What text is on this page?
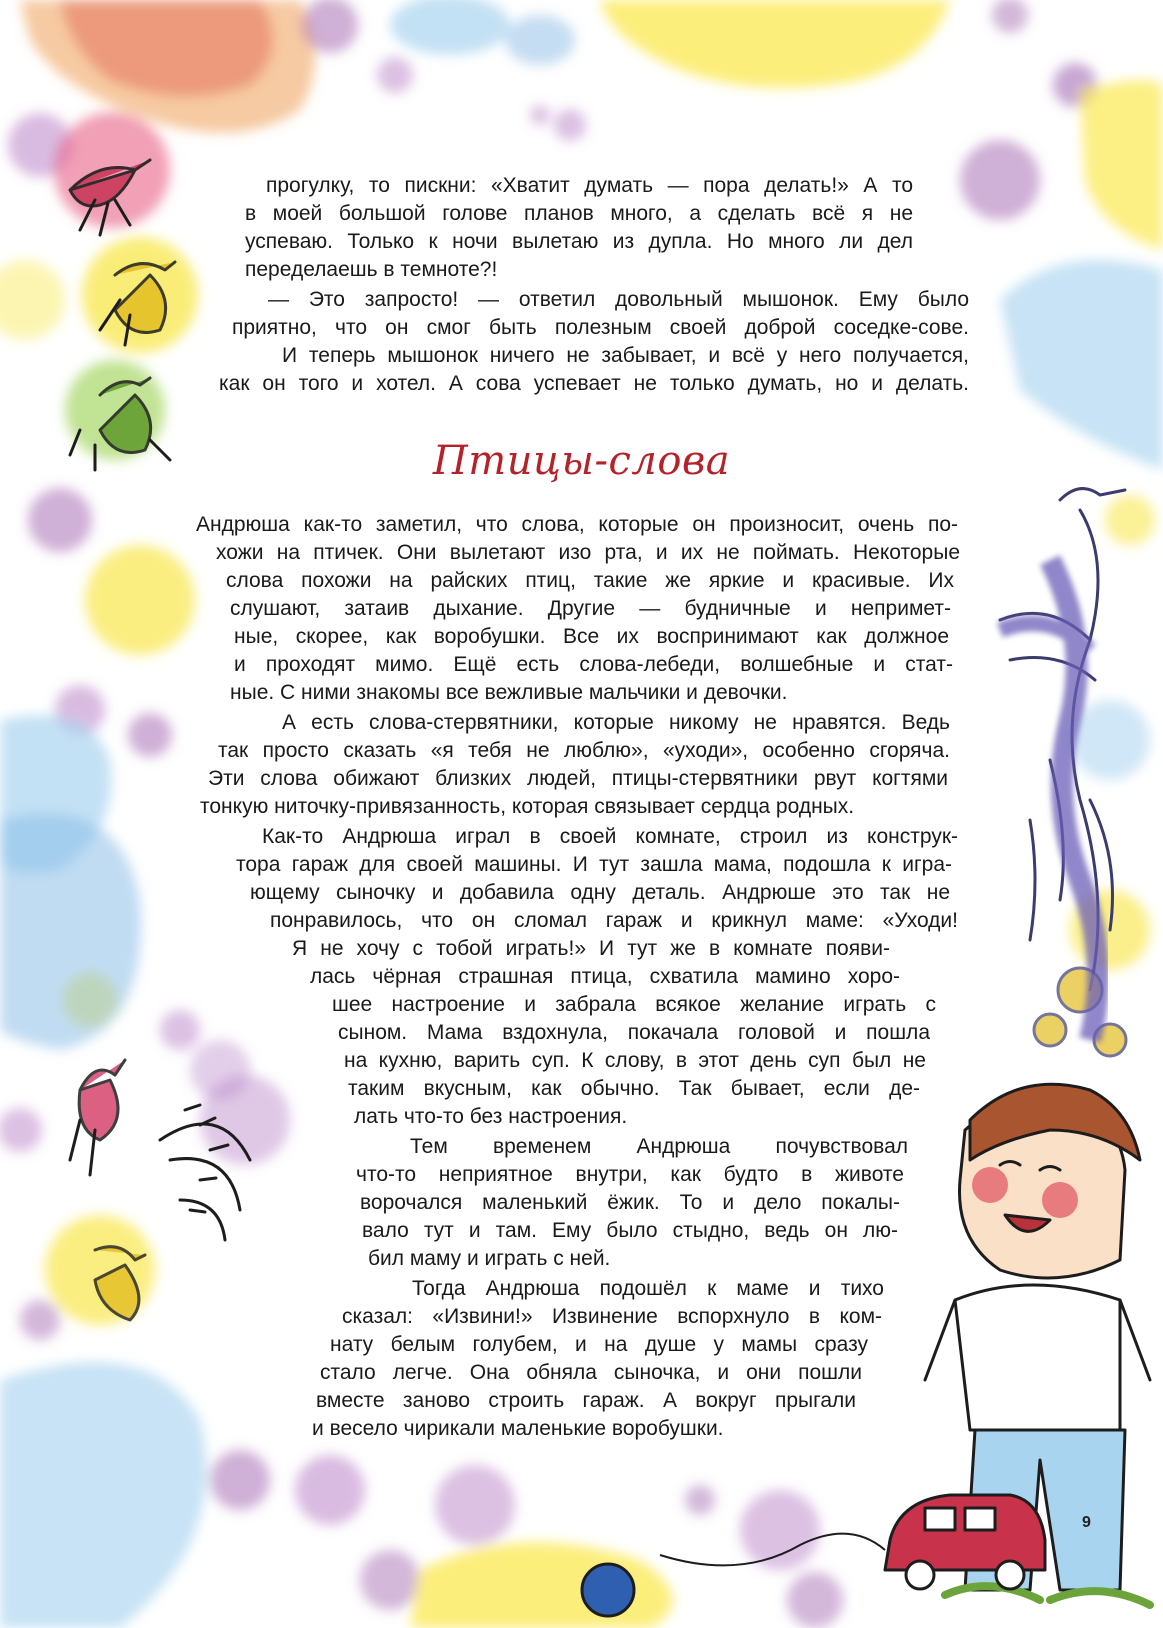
Птицы-слова
прогулку, то пискни: «Хватит думать — пора делать!» А то
в моей большой голове планов много, а сделать всё я не
успеваю. Только к ночи вылетаю из дупла. Но много ли дел
переделаешь в темноте?!
— Это запросто! — ответил довольный мышонок. Ему было
приятно, что он смог быть полезным своей доброй соседке-сове.
И теперь мышонок ничего не забывает, и всё у него получается,
как он того и хотел. А сова успевает не только думать, но и делать.
Андрюша как-то заметил, что слова, которые он произносит, очень по-
хожи на птичек. Они вылетают изо рта, и их не поймать. Некоторые
слова похожи на райских птиц, такие же яркие и красивые. Их
слушают, затаив дыхание. Другие — будничные и непримет-
ные, скорее, как воробушки. Все их воспринимают как должное
и проходят мимо. Ещё есть слова-лебеди, волшебные и стат-
ные. С ними знакомы все вежливые мальчики и девочки.
А есть слова-стервятники, которые никому не нравятся. Ведь
так просто сказать «я тебя не люблю», «уходи», особенно сгоряча.
Эти слова обижают близких людей, птицы-стервятники рвут когтями
тонкую ниточку-привязанность, которая связывает сердца родных.
Как-то Андрюша играл в своей комнате, строил из конструк-
тора гараж для своей машины. И тут зашла мама, подошла к игра-
ющему сыночку и добавила одну деталь. Андрюше это так не
понравилось, что он сломал гараж и крикнул маме: «Уходи!
Я не хочу с тобой играть!» И тут же в комнате появи-
лась чёрная страшная птица, схватила мамино хоро-
шее настроение и забрала всякое желание играть с
сыном. Мама вздохнула, покачала головой и пошла
на кухню, варить суп. К слову, в этот день суп был не
таким вкусным, как обычно. Так бывает, если де-
лать что-то без настроения.
Тем временем Андрюша почувствовал
что-то неприятное внутри, как будто в животе
ворочался маленький ёжик. То и дело покалы-
вало тут и там. Ему было стыдно, ведь он лю-
бил маму и играть с ней.
Тогда Андрюша подошёл к маме и тихо
сказал: «Извини!» Извинение вспорхнуло в ком-
нату белым голубем, и на душе у мамы сразу
стало легче. Она обняла сыночка, и они пошли
вместе заново строить гараж. А вокруг прыгали
и весело чирикали маленькие воробушки.
9
